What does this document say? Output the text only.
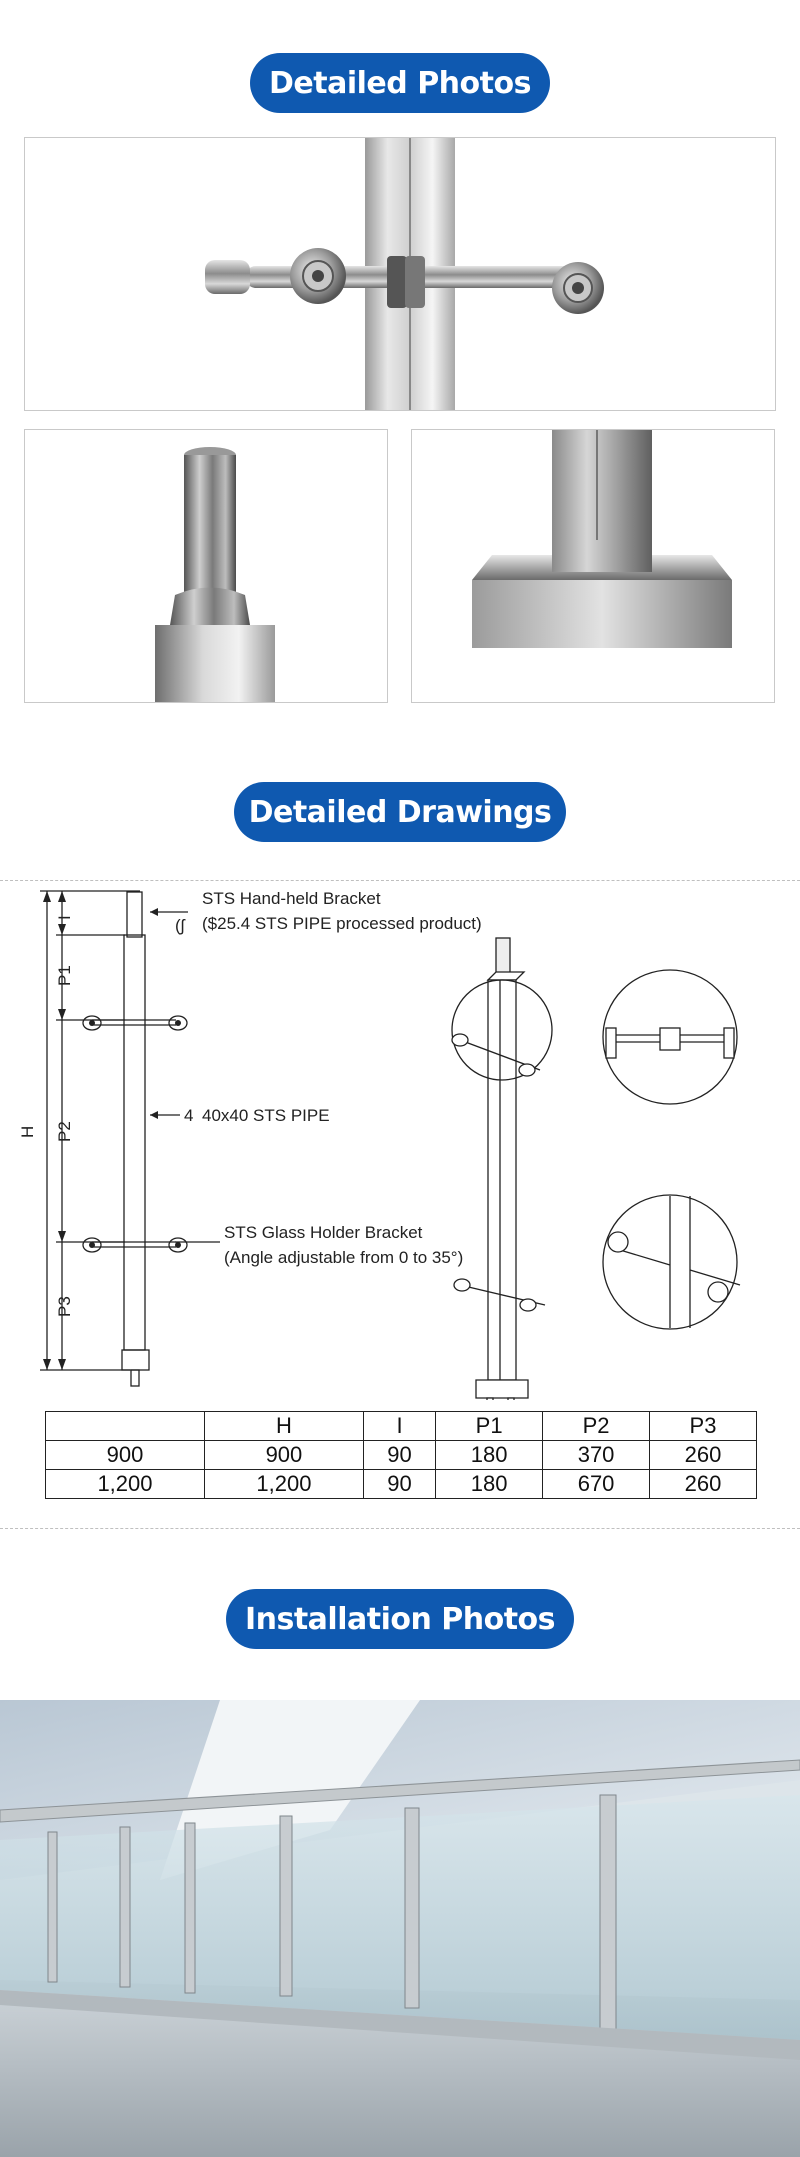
Detailed Photos
Detailed Drawings
H
I
P1
P2
P3
STS Hand-held Bracket
($25.4 STS PIPE processed product)
(ʃ
4 40x40 STS PIPE
STS Glass Holder Bracket
(Angle adjustable from 0 to 35°)
	H	I	P1	P2	P3
900	900	90	180	370	260
1,200	1,200	90	180	670	260
Installation Photos
